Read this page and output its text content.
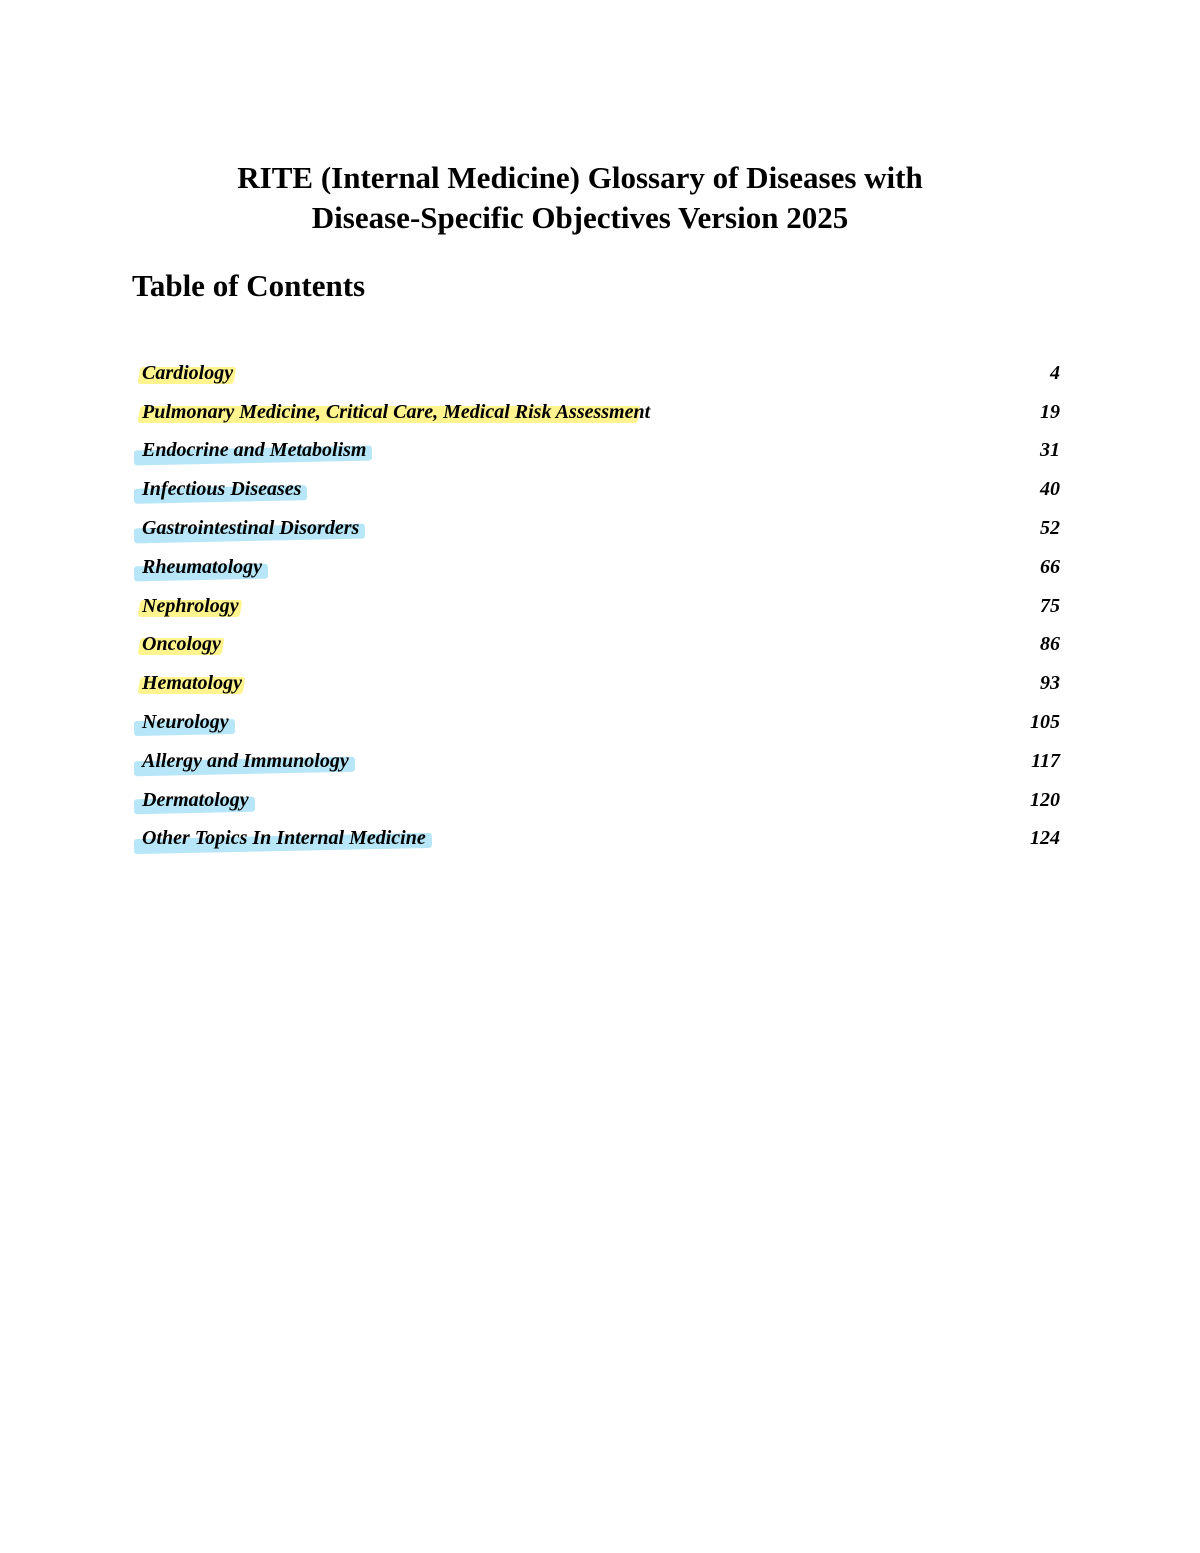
RITE (Internal Medicine) Glossary of Diseases with
Disease-Specific Objectives Version 2025
Table of Contents
Cardiology	4
Pulmonary Medicine, Critical Care, Medical Risk Assessment	19
Endocrine and Metabolism	31
Infectious Diseases	40
Gastrointestinal Disorders	52
Rheumatology	66
Nephrology	75
Oncology	86
Hematology	93
Neurology	105
Allergy and Immunology	117
Dermatology	120
Other Topics In Internal Medicine	124
